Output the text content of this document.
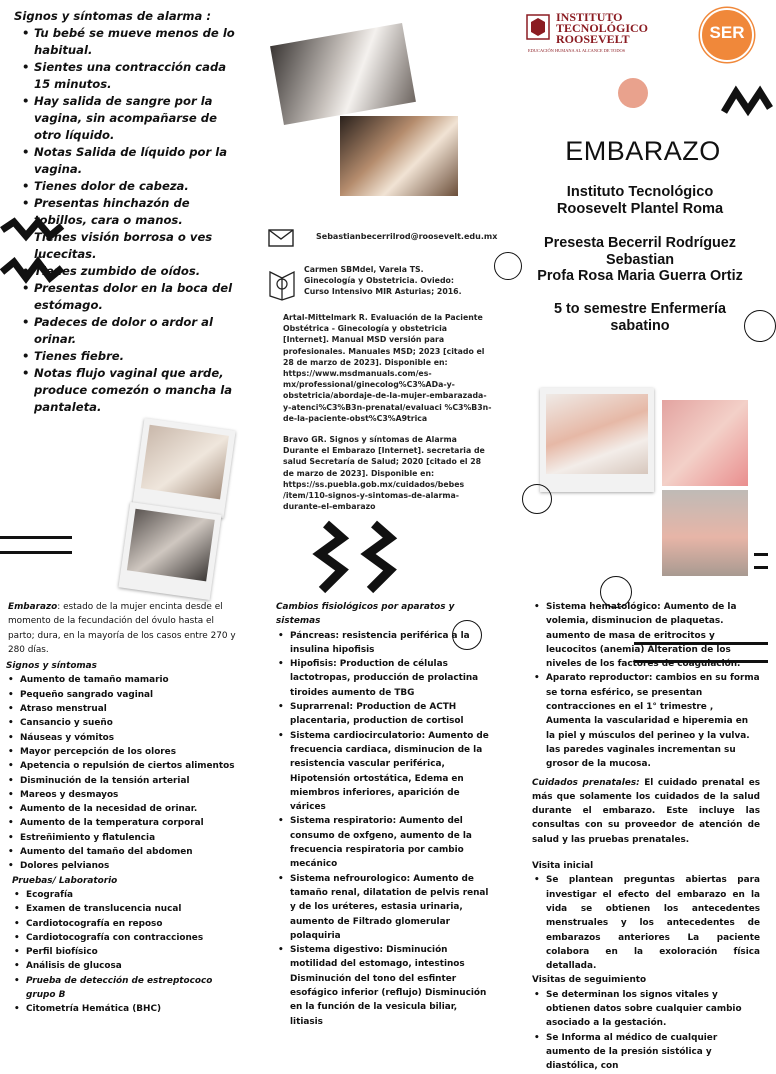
Signos y síntomas de alarma :
• Tu bebé se mueve menos de lo habitual.
• Sientes una contracción cada 15 minutos.
• Hay salida de sangre por la vagina, sin acompañarse de otro líquido.
• Notas Salida de líquido por la vagina.
• Tienes dolor de cabeza.
• Presentas hinchazón de tobillos, cara o manos.
• Tienes visión borrosa o ves lucecitas.
• Tienes zumbido de oídos.
• Presentas dolor en la boca del estómago.
• Padeces de dolor o ardor al orinar.
• Tienes fiebre.
• Notas flujo vaginal que arde, produce comezón o mancha la pantaleta.
Sebastianbecerrilrod@roosevelt.edu.mx
Carmen SBMdel, Varela TS. Ginecología y Obstetricia. Oviedo: Curso Intensivo MIR Asturias; 2016.
Artal-Mittelmark R. Evaluación de la Paciente Obstétrica - Ginecología y obstetricia [Internet]. Manual MSD versión para profesionales. Manuales MSD; 2023 [citado el 28 de marzo de 2023]. Disponible en: https://www.msdmanuals.com/es-mx/professional/ginecolog%C3%ADa-y-obstetricia/abordaje-de-la-mujer-embarazada-y-atenci%C3%B3n-prenatal/evaluaci %C3%B3n-de-la-paciente-obst%C3%A9trica
Bravo GR. Signos y síntomas de Alarma Durante el Embarazo [Internet]. secretaria de salud Secretaría de Salud; 2020 [citado el 28 de marzo de 2023]. Disponible en: https://ss.puebla.gob.mx/cuidados/bebes /item/110-signos-y-sintomas-de-alarma-durante-el-embarazo
INSTITUTO
TECNOLÓGICO
ROOSEVELT
EDUCACIÓN HUMANA AL ALCANCE DE TODOS
SER
EMBARAZO
Instituto Tecnológico Roosevelt Plantel Roma
Presesta Becerril Rodríguez Sebastian
Profa Rosa Maria Guerra Ortiz
5 to semestre Enfermería sabatino

Embarazo: estado de la mujer encinta desde el momento de la fecundación del óvulo hasta el parto; dura, en la mayoría de los casos entre 270 y 280 días.

Signos y síntomas
• Aumento de tamaño mamario
• Pequeño sangrado vaginal
• Atraso menstrual
• Cansancio y sueño
• Náuseas y vómitos
• Mayor percepción de los olores
• Apetencia o repulsión de ciertos alimentos
• Disminución de la tensión arterial
• Mareos y desmayos
• Aumento de la necesidad de orinar.
• Aumento de la temperatura corporal
• Estreñimiento y flatulencia
• Aumento del tamaño del abdomen
• Dolores pelvianos
Pruebas/ Laboratorio
• Ecografía
• Examen de translucencia nucal
• Cardiotocografía en reposo
• Cardiotocografía con contracciones
• Perfil biofísico
• Análisis de glucosa
• Prueba de detección de estreptococo grupo B
• Citometría Hemática (BHC)
Cambios fisiológicos por aparatos y sistemas
• Páncreas: resistencia periférica a la insulina hipofisis
• Hipofisis: Production de células lactotropas, producción de prolactina tiroides aumento de TBG
• Suprarrenal: Production de ACTH placentaria, production de cortisol
• Sistema cardiocirculatorio: Aumento de frecuencia cardiaca, disminucion de la resistencia vascular periférica, Hipotensión ortostática, Edema en miembros inferiores, aparición de várices
• Sistema respiratorio: Aumento del consumo de oxfgeno, aumento de la frecuencia respiratoria por cambio mecánico
• Sistema nefrourologico: Aumento de tamaño renal, dilatation de pelvis renal y de los uréteres, estasia urinaria, aumento de Filtrado glomerular polaquiria
• Sistema digestivo: Disminución motilidad del estomago, intestinos Disminución del tono del esfinter esofágico inferior (reflujo) Disminución en la función de la vesicula biliar, litiasis
• Sistema hematológico: Aumento de la volemia, disminucion de plaquetas. aumento de masa de eritrocitos y leucocitos (anemia) Alteration de los niveles de los factores de coagulación.
• Aparato reproductor: cambios en su forma se torna esférico, se presentan contracciones en el 1° trimestre , Aumenta la vascularidad e hiperemia en la piel y músculos del perineo y la vulva. las paredes vaginales incrementan su grosor de la mucosa.

Cuidados prenatales: El cuidado prenatal es más que solamente los cuidados de la salud durante el embarazo. Este incluye las consultas con su proveedor de atención de salud y las pruebas prenatales.

Visita inicial
• Se plantean preguntas abiertas para investigar el efecto del embarazo en la vida se obtienen los antecedentes menstruales y los antecedentes de embarazos anteriores La paciente colabora en la exoloración física detallada.
Visitas de seguimiento
• Se determinan los signos vitales y obtienen datos sobre cualquier cambio asociado a la gestación.
• Se Informa al médico de cualquier aumento de la presión sistólica y diastólica, con
